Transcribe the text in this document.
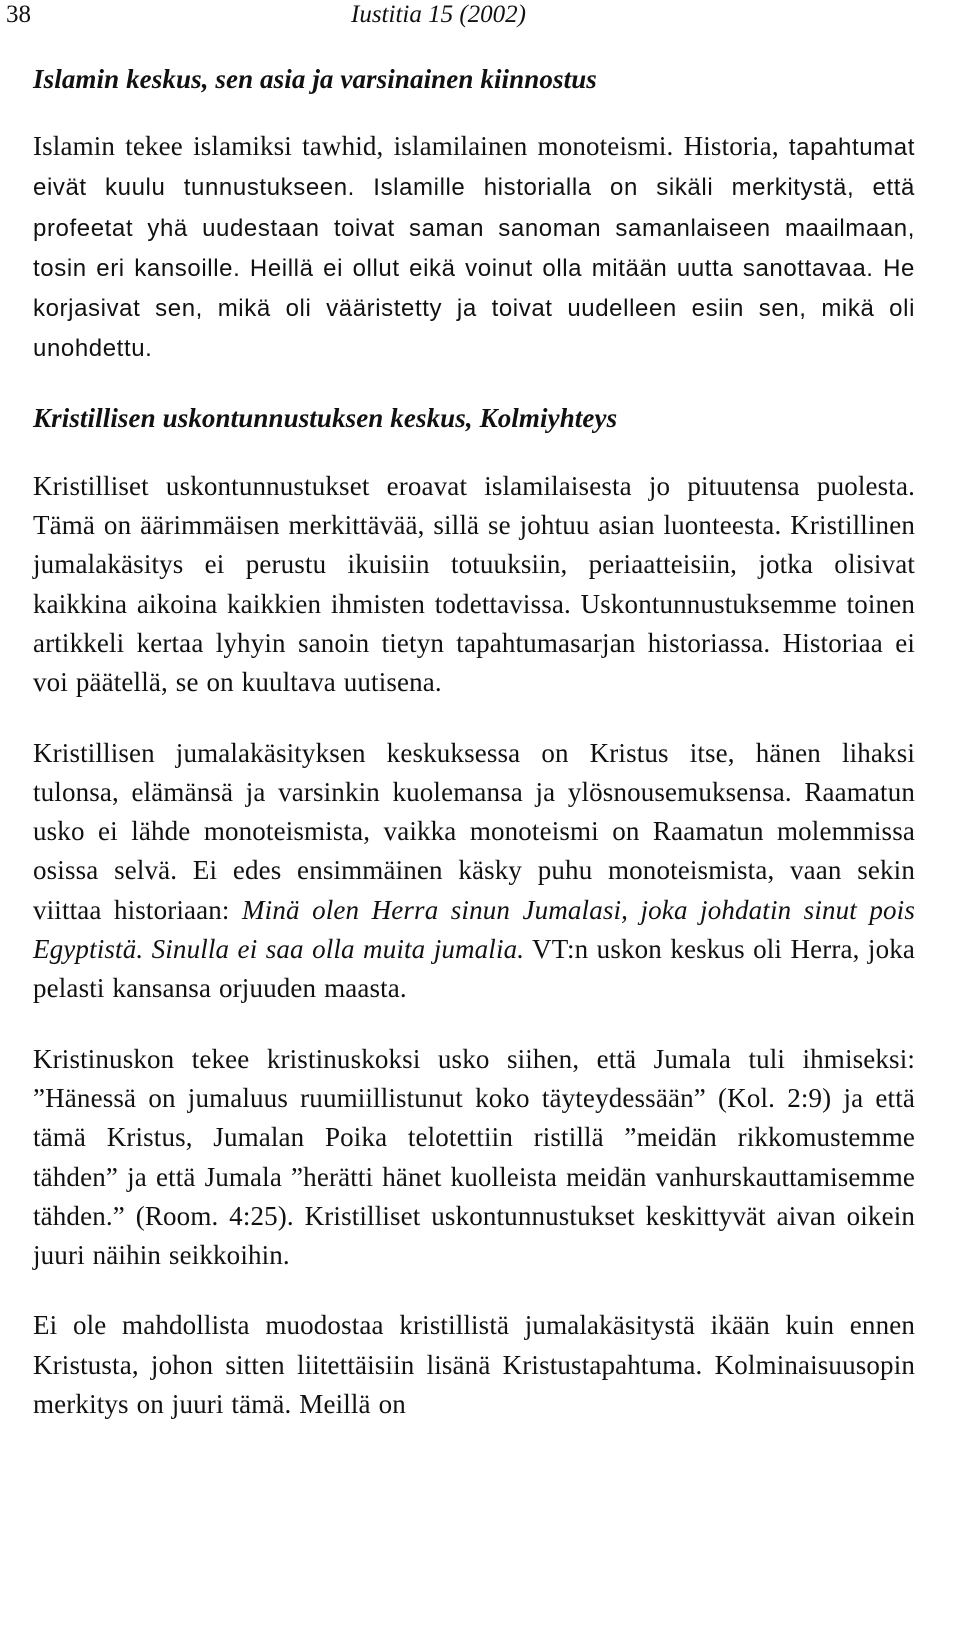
38	Iustitia 15 (2002)
Islamin keskus, sen asia ja varsinainen kiinnostus

Islamin tekee islamiksi tawhid, islamilainen monoteismi. Historia, tapahtumat eivät kuulu tunnustukseen. Islamille historialla on sikäli merkitystä, että profeetat yhä uudestaan toivat saman sanoman samanlaiseen maailmaan, tosin eri kansoille. Heillä ei ollut eikä voinut olla mitään uutta sanottavaa. He korjasivat sen, mikä oli vääristetty ja toivat uudelleen esiin sen, mikä oli unohdettu.

Kristillisen uskontunnustuksen keskus, Kolmiyhteys

Kristilliset uskontunnustukset eroavat islamilaisesta jo pituutensa puolesta. Tämä on äärimmäisen merkittävää, sillä se johtuu asian luonteesta. Kristillinen jumalakäsitys ei perustu ikuisiin totuuksiin, periaatteisiin, jotka olisivat kaikkina aikoina kaikkien ihmisten todettavissa. Uskontunnustuksemme toinen artikkeli kertaa lyhyin sanoin tietyn tapahtumasarjan historiassa. Historiaa ei voi päätellä, se on kuultava uutisena.

Kristillisen jumalakäsityksen keskuksessa on Kristus itse, hänen lihaksi tulonsa, elämänsä ja varsinkin kuolemansa ja ylösnousemuksensa. Raamatun usko ei lähde monoteismista, vaikka monoteismi on Raamatun molemmissa osissa selvä. Ei edes ensimmäinen käsky puhu monoteismista, vaan sekin viittaa historiaan: Minä olen Herra sinun Jumalasi, joka johdatin sinut pois Egyptistä. Sinulla ei saa olla muita jumalia. VT:n uskon keskus oli Herra, joka pelasti kansansa orjuuden maasta.

Kristinuskon tekee kristinuskoksi usko siihen, että Jumala tuli ihmiseksi: ”Hänessä on jumaluus ruumiillistunut koko täyteydessään” (Kol. 2:9) ja että tämä Kristus, Jumalan Poika telotettiin ristillä ”meidän rikkomustemme tähden” ja että Jumala ”herätti hänet kuolleista meidän vanhurskauttamisemme tähden.” (Room. 4:25). Kristilliset uskontunnustukset keskittyvät aivan oikein juuri näihin seikkoihin.

Ei ole mahdollista muodostaa kristillistä jumalakäsitystä ikään kuin ennen Kristusta, johon sitten liitettäisiin lisänä Kristustapahtuma. Kolminaisuusopin merkitys on juuri tämä. Meillä on
